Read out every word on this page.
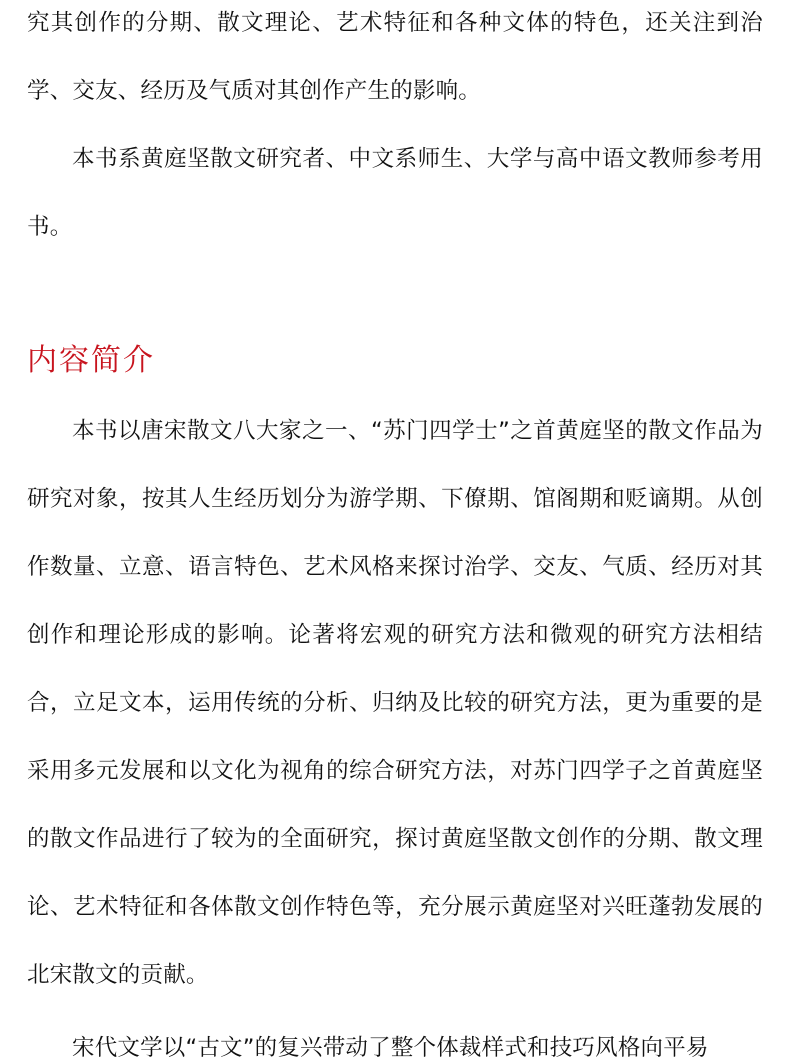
究其创作的分期、散文理论、艺术特征和各种文体的特色，还关注到治学、交友、经历及气质对其创作产生的影响。

本书系黄庭坚散文研究者、中文系师生、大学与高中语文教师参考用书。

内容简介

本书以唐宋散文八大家之一、“苏门四学士”之首黄庭坚的散文作品为研究对象，按其人生经历划分为游学期、下僚期、馆阁期和贬谪期。从创作数量、立意、语言特色、艺术风格来探讨治学、交友、气质、经历对其创作和理论形成的影响。论著将宏观的研究方法和微观的研究方法相结合，立足文本，运用传统的分析、归纳及比较的研究方法，更为重要的是采用多元发展和以文化为视角的综合研究方法，对苏门四学子之首黄庭坚的散文作品进行了较为的全面研究，探讨黄庭坚散文创作的分期、散文理论、艺术特征和各体散文创作特色等，充分展示黄庭坚对兴旺蓬勃发展的北宋散文的贡献。

宋代文学以“古文”的复兴带动了整个体裁样式和技巧风格向平易
